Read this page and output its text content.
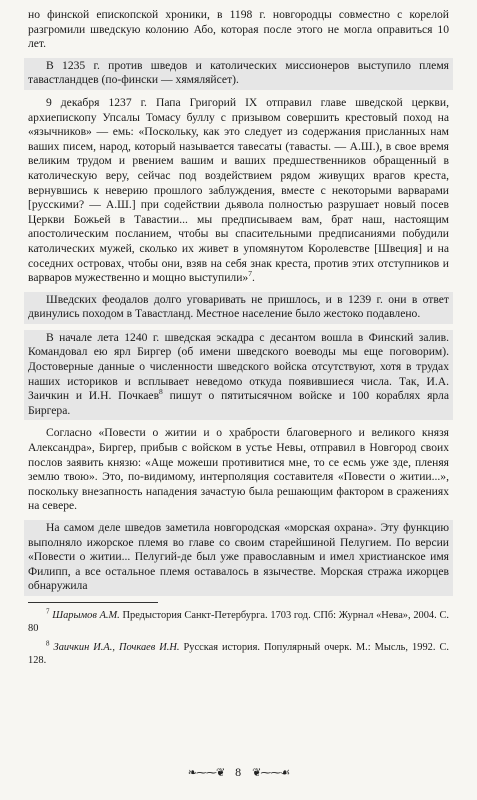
но финской епископской хроники, в 1198 г. новгородцы совместно с корелой разгромили шведскую колонию Або, которая после этого не могла оправиться 10 лет.

В 1235 г. против шведов и католических миссионеров выступило племя тавастландцев (по-фински — хямяляйсет).

9 декабря 1237 г. Папа Григорий IX отправил главе шведской церкви, архиепископу Упсалы Томасу буллу с призывом совершить крестовый поход на «язычников» — емь: «Поскольку, как это следует из содержания присланных нам ваших писем, народ, который называется тавесаты (тавасты. — А.Ш.), в свое время великим трудом и рвением вашим и ваших предшественников обращенный в католическую веру, сейчас под воздействием рядом живущих врагов креста, вернувшись к неверию прошлого заблуждения, вместе с некоторыми варварами [русскими? — А.Ш.] при содействии дьявола полностью разрушает новый посев Церкви Божьей в Тавастии... мы предписываем вам, брат наш, настоящим апостолическим посланием, чтобы вы спасительными предписаниями побудили католических мужей, сколько их живет в упомянутом Королевстве [Швеция] и на соседних островах, чтобы они, взяв на себя знак креста, против этих отступников и варваров мужественно и мощно выступили»$^7$.

Шведских феодалов долго уговаривать не пришлось, и в 1239 г. они в ответ двинулись походом в Тавастланд. Местное население было жестоко подавлено.

В начале лета 1240 г. шведская эскадра с десантом вошла в Финский залив. Командовал ею ярл Биргер (об имени шведского воеводы мы еще поговорим). Достоверные данные о численности шведского войска отсутствуют, хотя в трудах наших историков и всплывает неведомо откуда появившиеся числа. Так, И.А. Заичкин и И.Н. Почкаев$^8$ пишут о пятитысячном войске и 100 кораблях ярла Биргера.

Согласно «Повести о житии и о храбрости благоверного и великого князя Александра», Биргер, прибыв с войском в устье Невы, отправил в Новгород своих послов заявить князю: «Аще можеши противитися мне, то се есмь уже зде, пленяя землю твою». Это, по-видимому, интерполяция составителя «Повести о житии...», поскольку внезапность нападения зачастую была решающим фактором в сражениях на севере.

На самом деле шведов заметила новгородская «морская охрана». Эту функцию выполняло ижорское племя во главе со своим старейшиной Пелугием. По версии «Повести о житии... Пелугий-де был уже православным и имел христианское имя Филипп, а все остальное племя оставалось в язычестве. Морская стража ижорцев обнаружила

$^7$ Шарымов А.М. Предыстория Санкт-Петербурга. 1703 год. СПб: Журнал «Нева», 2004. С. 80

$^8$ Заичкин И.А., Почкаев И.Н. Русская история. Популярный очерк. М.: Мысль, 1992. С. 128.

❧⁓⁓❦ 8 ❦⁓⁓☙
